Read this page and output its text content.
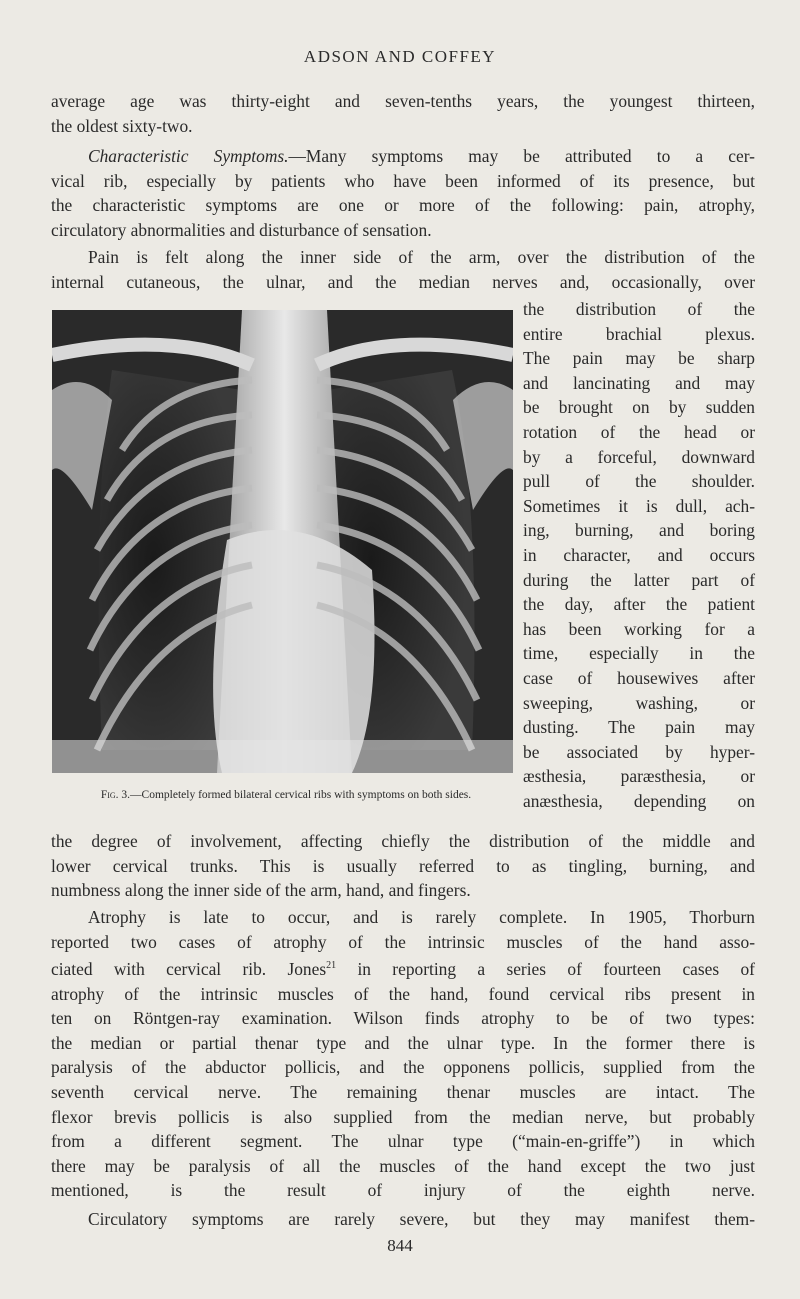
ADSON AND COFFEY
average age was thirty-eight and seven-tenths years, the youngest thirteen,
the oldest sixty-two.
Characteristic Symptoms.—Many symptoms may be attributed to a cer-
vical rib, especially by patients who have been informed of its presence, but
the characteristic symptoms are one or more of the following: pain, atrophy,
circulatory abnormalities and disturbance of sensation.
Pain is felt along the inner side of the arm, over the distribution of the
internal cutaneous, the ulnar, and the median nerves and, occasionally, over
the distribution of the
entire brachial plexus.
The pain may be sharp
and lancinating and may
be brought on by sudden
rotation of the head or
by a forceful, downward
pull of the shoulder.
Sometimes it is dull, ach-
ing, burning, and boring
in character, and occurs
during the latter part of
the day, after the patient
has been working for a
time, especially in the
case of housewives after
sweeping, washing, or
dusting. The pain may
be associated by hyper-
æsthesia, paræsthesia, or
anæsthesia, depending on
Fig. 3.—Completely formed bilateral cervical ribs with symptoms on both sides.
the degree of involvement, affecting chiefly the distribution of the middle and
lower cervical trunks. This is usually referred to as tingling, burning, and
numbness along the inner side of the arm, hand, and fingers.
Atrophy is late to occur, and is rarely complete. In 1905, Thorburn
reported two cases of atrophy of the intrinsic muscles of the hand asso-
ciated with cervical rib. Jones$^{21}$ in reporting a series of fourteen cases of
atrophy of the intrinsic muscles of the hand, found cervical ribs present in
ten on Röntgen-ray examination. Wilson finds atrophy to be of two types:
the median or partial thenar type and the ulnar type. In the former there is
paralysis of the abductor pollicis, and the opponens pollicis, supplied from the
seventh cervical nerve. The remaining thenar muscles are intact. The
flexor brevis pollicis is also supplied from the median nerve, but probably
from a different segment. The ulnar type (“main-en-griffe”) in which
there may be paralysis of all the muscles of the hand except the two just
mentioned, is the result of injury of the eighth nerve.
Circulatory symptoms are rarely severe, but they may manifest them-
844
